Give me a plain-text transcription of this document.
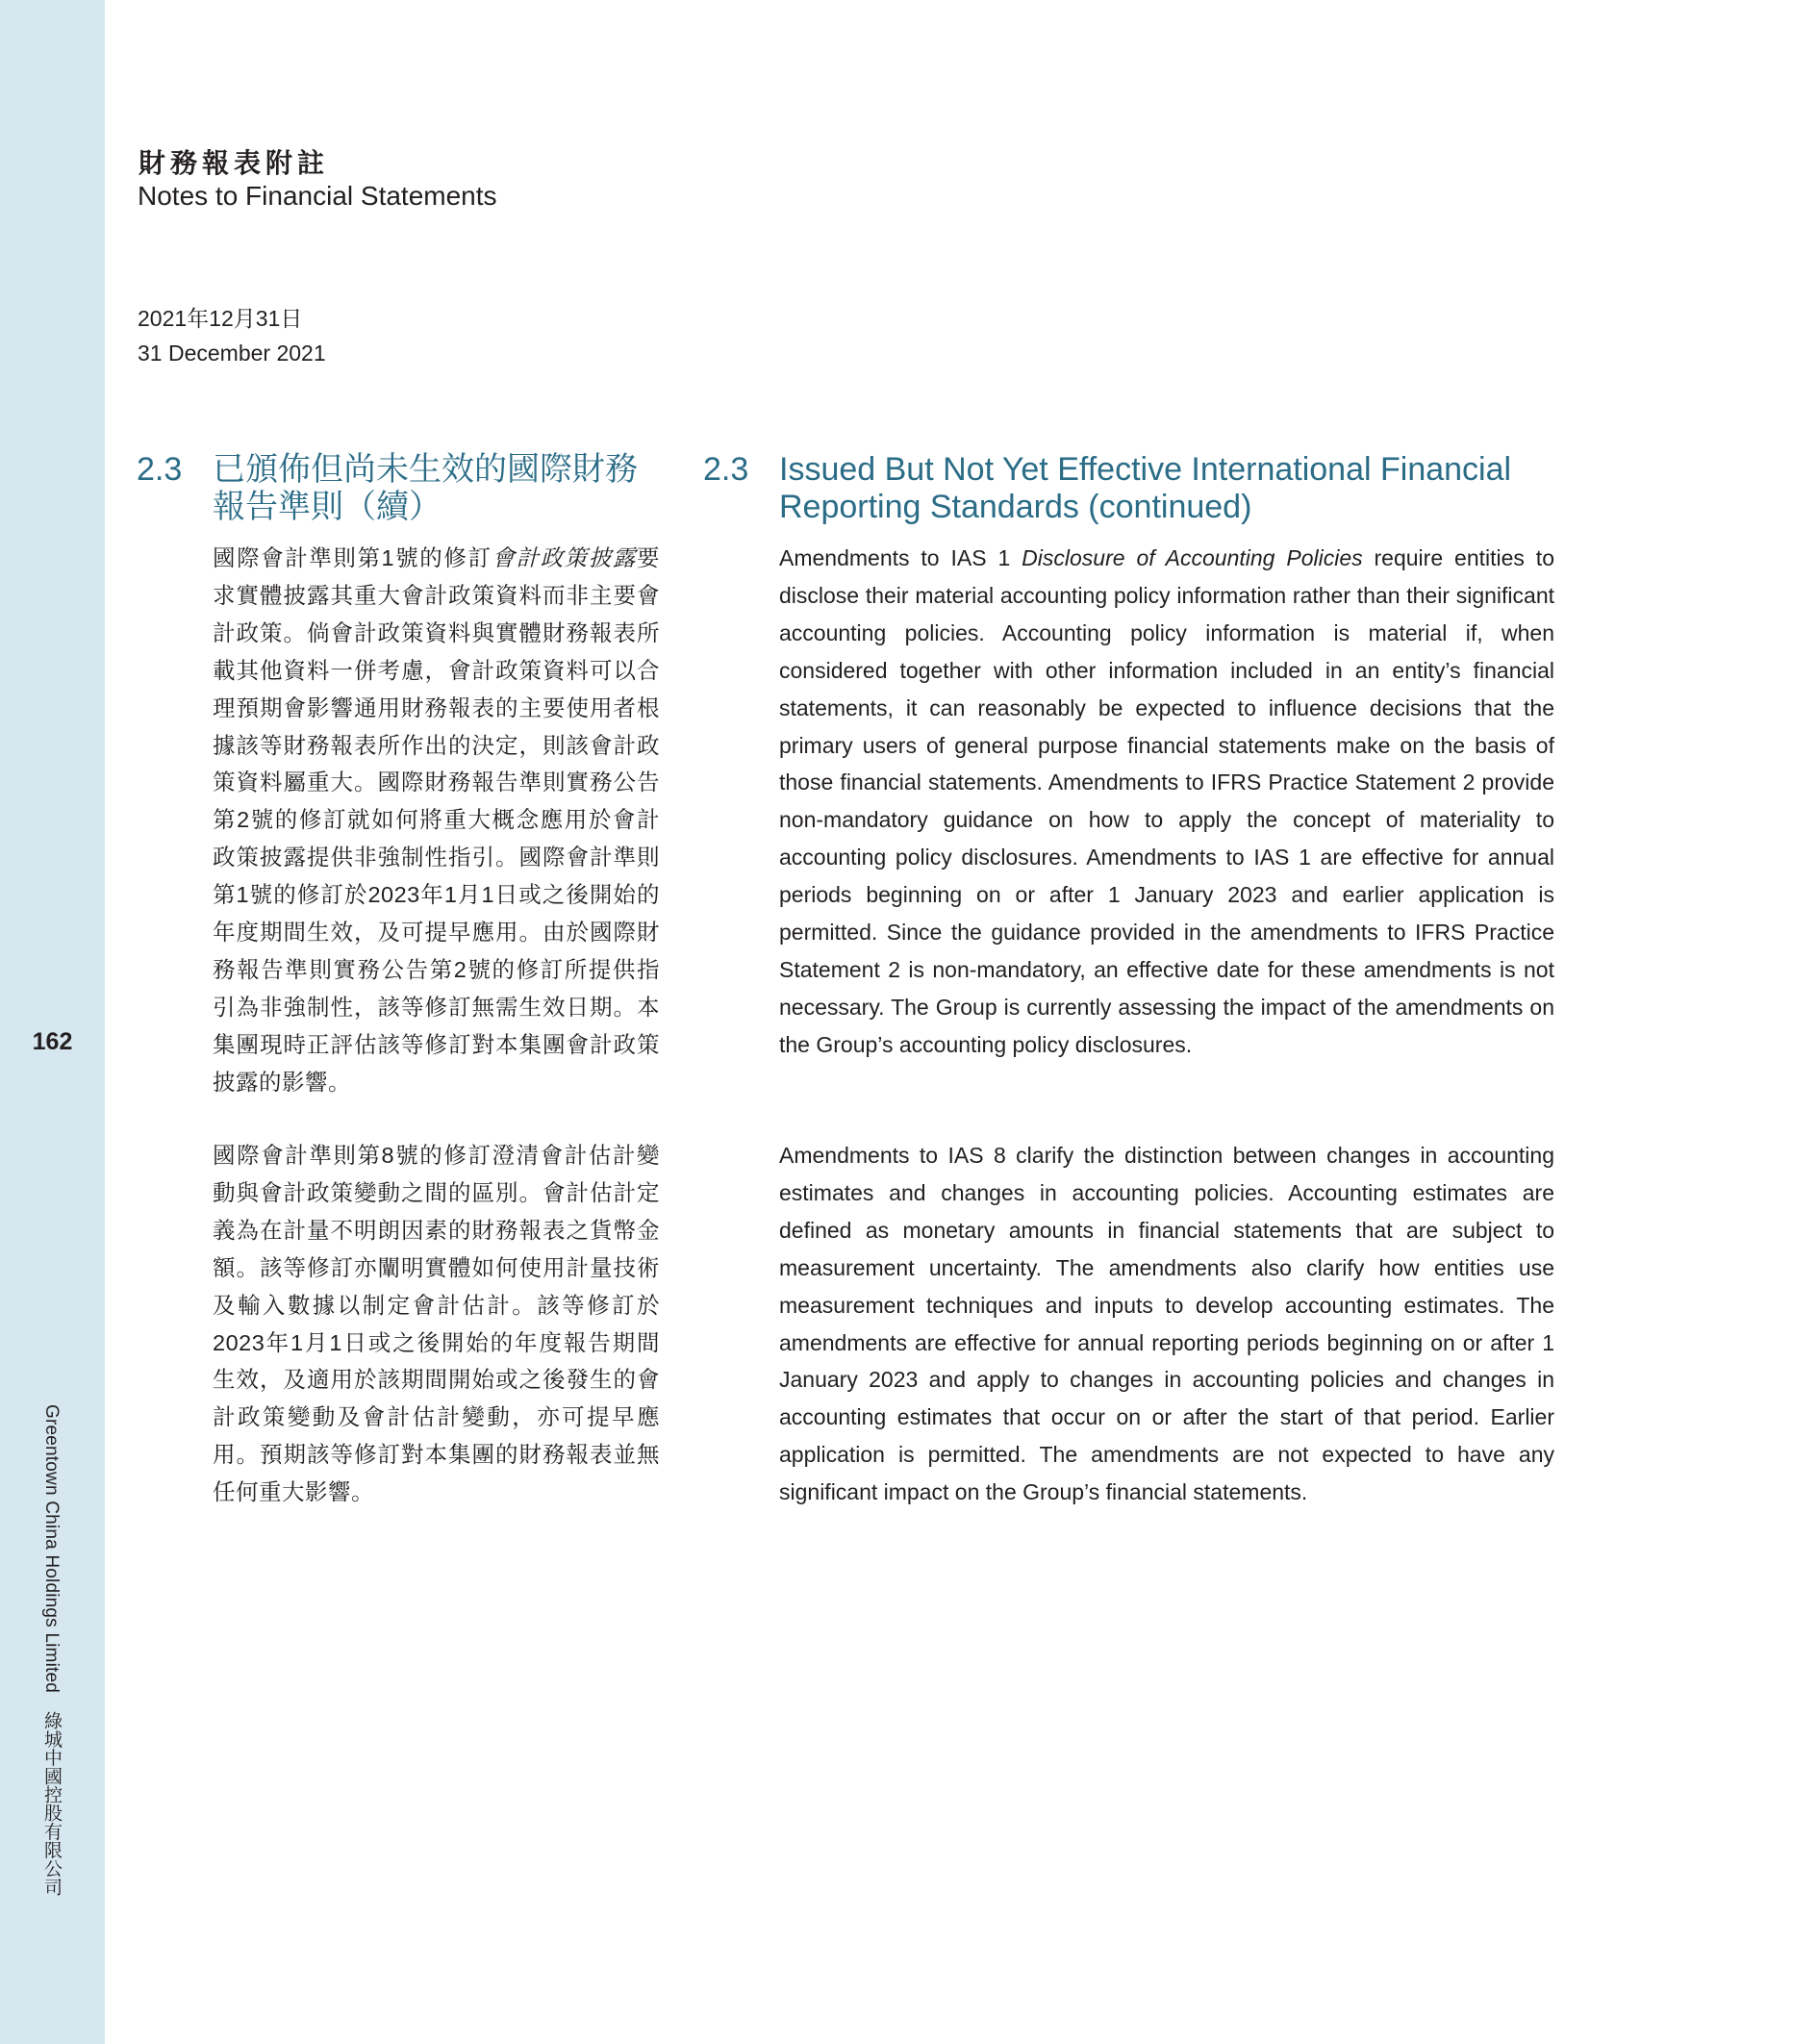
162
Greentown China Holdings Limited 綠城中國控股有限公司
財務報表附註
Notes to Financial Statements
2021年12月31日
31 December 2021
2.3 已頒佈但尚未生效的國際財務報告準則（續）
2.3 Issued But Not Yet Effective International Financial Reporting Standards (continued)
國際會計準則第1號的修訂會計政策披露要求實體披露其重大會計政策資料而非主要會計政策。倘會計政策資料與實體財務報表所載其他資料一併考慮，會計政策資料可以合理預期會影響通用財務報表的主要使用者根據該等財務報表所作出的決定，則該會計政策資料屬重大。國際財務報告準則實務公告第2號的修訂就如何將重大概念應用於會計政策披露提供非強制性指引。國際會計準則第1號的修訂於2023年1月1日或之後開始的年度期間生效，及可提早應用。由於國際財務報告準則實務公告第2號的修訂所提供指引為非強制性，該等修訂無需生效日期。本集團現時正評估該等修訂對本集團會計政策披露的影響。
國際會計準則第8號的修訂澄清會計估計變動與會計政策變動之間的區別。會計估計定義為在計量不明朗因素的財務報表之貨幣金額。該等修訂亦闡明實體如何使用計量技術及輸入數據以制定會計估計。該等修訂於2023年1月1日或之後開始的年度報告期間生效，及適用於該期間開始或之後發生的會計政策變動及會計估計變動，亦可提早應用。預期該等修訂對本集團的財務報表並無任何重大影響。
Amendments to IAS 1 Disclosure of Accounting Policies require entities to disclose their material accounting policy information rather than their significant accounting policies. Accounting policy information is material if, when considered together with other information included in an entity’s financial statements, it can reasonably be expected to influence decisions that the primary users of general purpose financial statements make on the basis of those financial statements. Amendments to IFRS Practice Statement 2 provide non-mandatory guidance on how to apply the concept of materiality to accounting policy disclosures. Amendments to IAS 1 are effective for annual periods beginning on or after 1 January 2023 and earlier application is permitted. Since the guidance provided in the amendments to IFRS Practice Statement 2 is non-mandatory, an effective date for these amendments is not necessary. The Group is currently assessing the impact of the amendments on the Group’s accounting policy disclosures.
Amendments to IAS 8 clarify the distinction between changes in accounting estimates and changes in accounting policies. Accounting estimates are defined as monetary amounts in financial statements that are subject to measurement uncertainty. The amendments also clarify how entities use measurement techniques and inputs to develop accounting estimates. The amendments are effective for annual reporting periods beginning on or after 1 January 2023 and apply to changes in accounting policies and changes in accounting estimates that occur on or after the start of that period. Earlier application is permitted. The amendments are not expected to have any significant impact on the Group’s financial statements.
